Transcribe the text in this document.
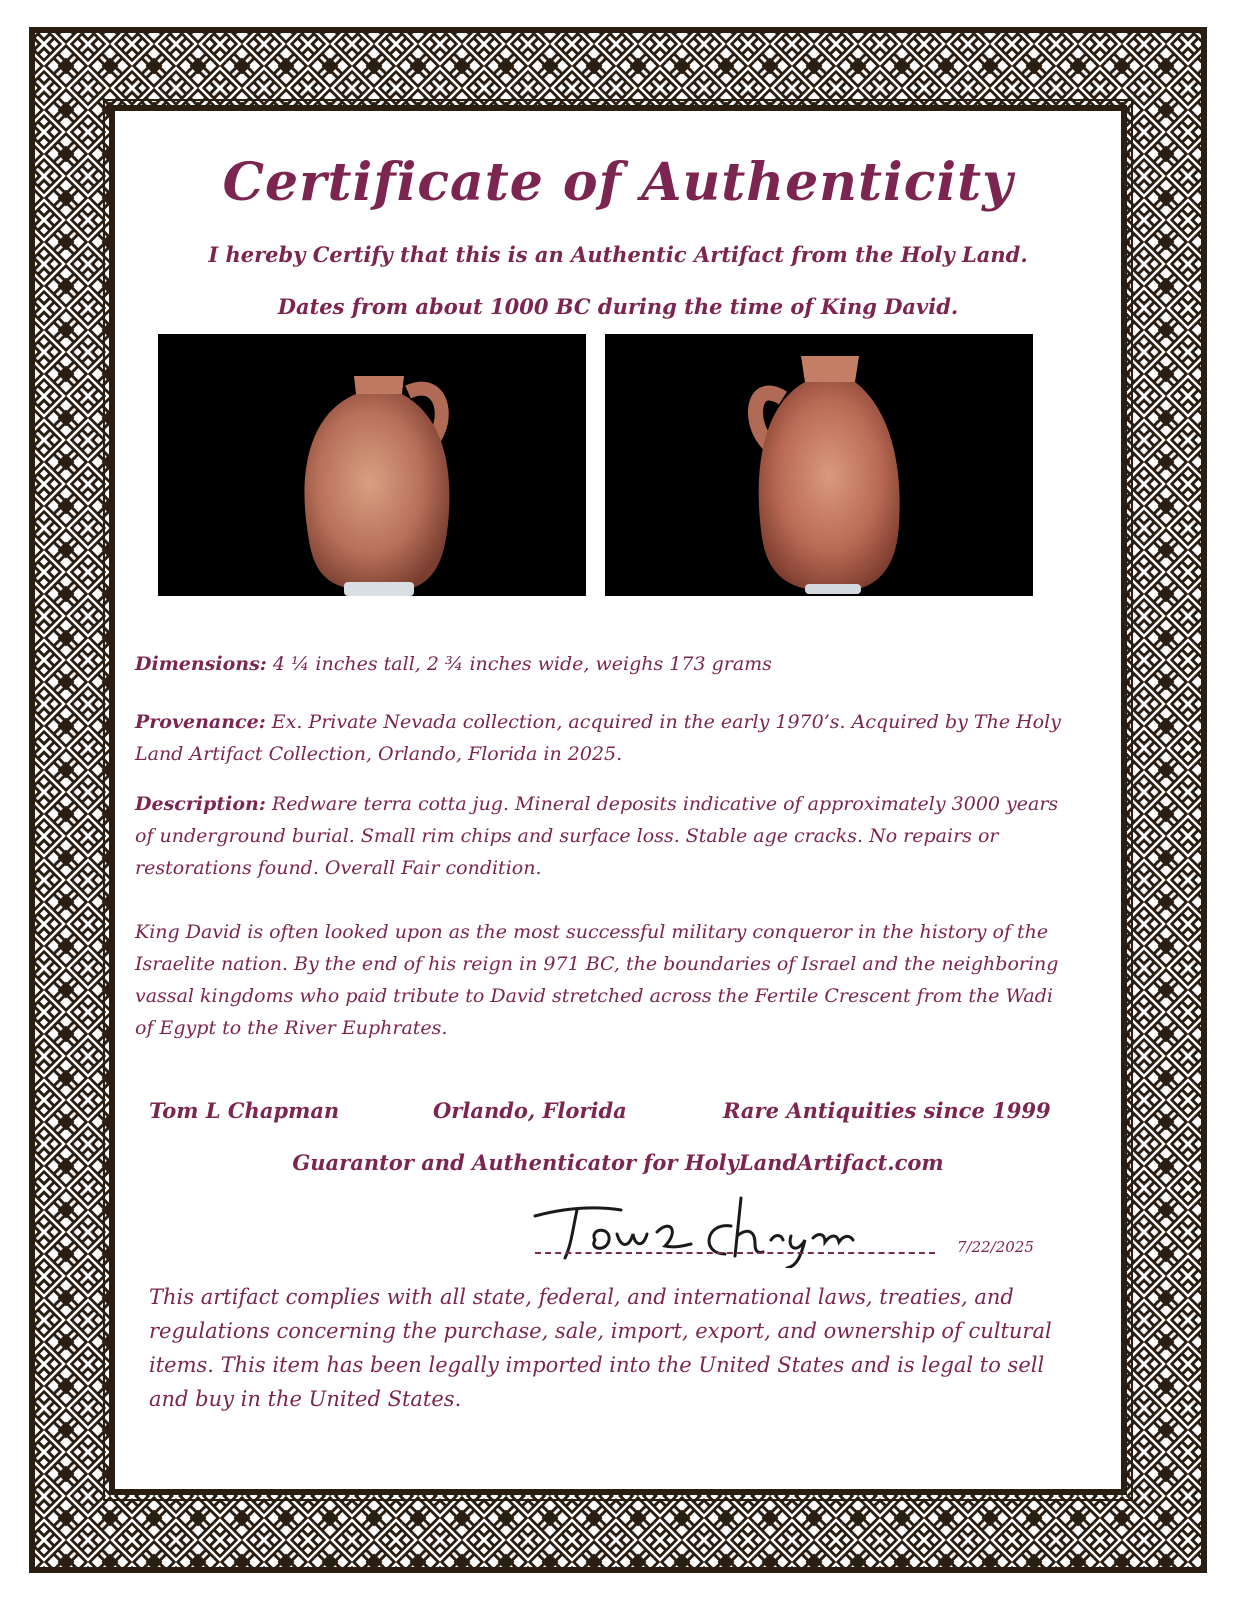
Certificate of Authenticity
I hereby Certify that this is an Authentic Artifact from the Holy Land.
Dates from about 1000 BC during the time of King David.
Dimensions: 4 ¼ inches tall, 2 ¾ inches wide, weighs 173 grams
Provenance: Ex. Private Nevada collection, acquired in the early 1970’s. Acquired by The Holy Land Artifact Collection, Orlando, Florida in 2025.
Description: Redware terra cotta jug. Mineral deposits indicative of approximately 3000 years of underground burial. Small rim chips and surface loss. Stable age cracks. No repairs or restorations found. Overall Fair condition.
King David is often looked upon as the most successful military conqueror in the history of the Israelite nation. By the end of his reign in 971 BC, the boundaries of Israel and the neighboring vassal kingdoms who paid tribute to David stretched across the Fertile Crescent from the Wadi of Egypt to the River Euphrates.
Tom L Chapman	Orlando, Florida	Rare Antiquities since 1999
Guarantor and Authenticator for HolyLandArtifact.com
7/22/2025
This artifact complies with all state, federal, and international laws, treaties, and regulations concerning the purchase, sale, import, export, and ownership of cultural items. This item has been legally imported into the United States and is legal to sell and buy in the United States.
